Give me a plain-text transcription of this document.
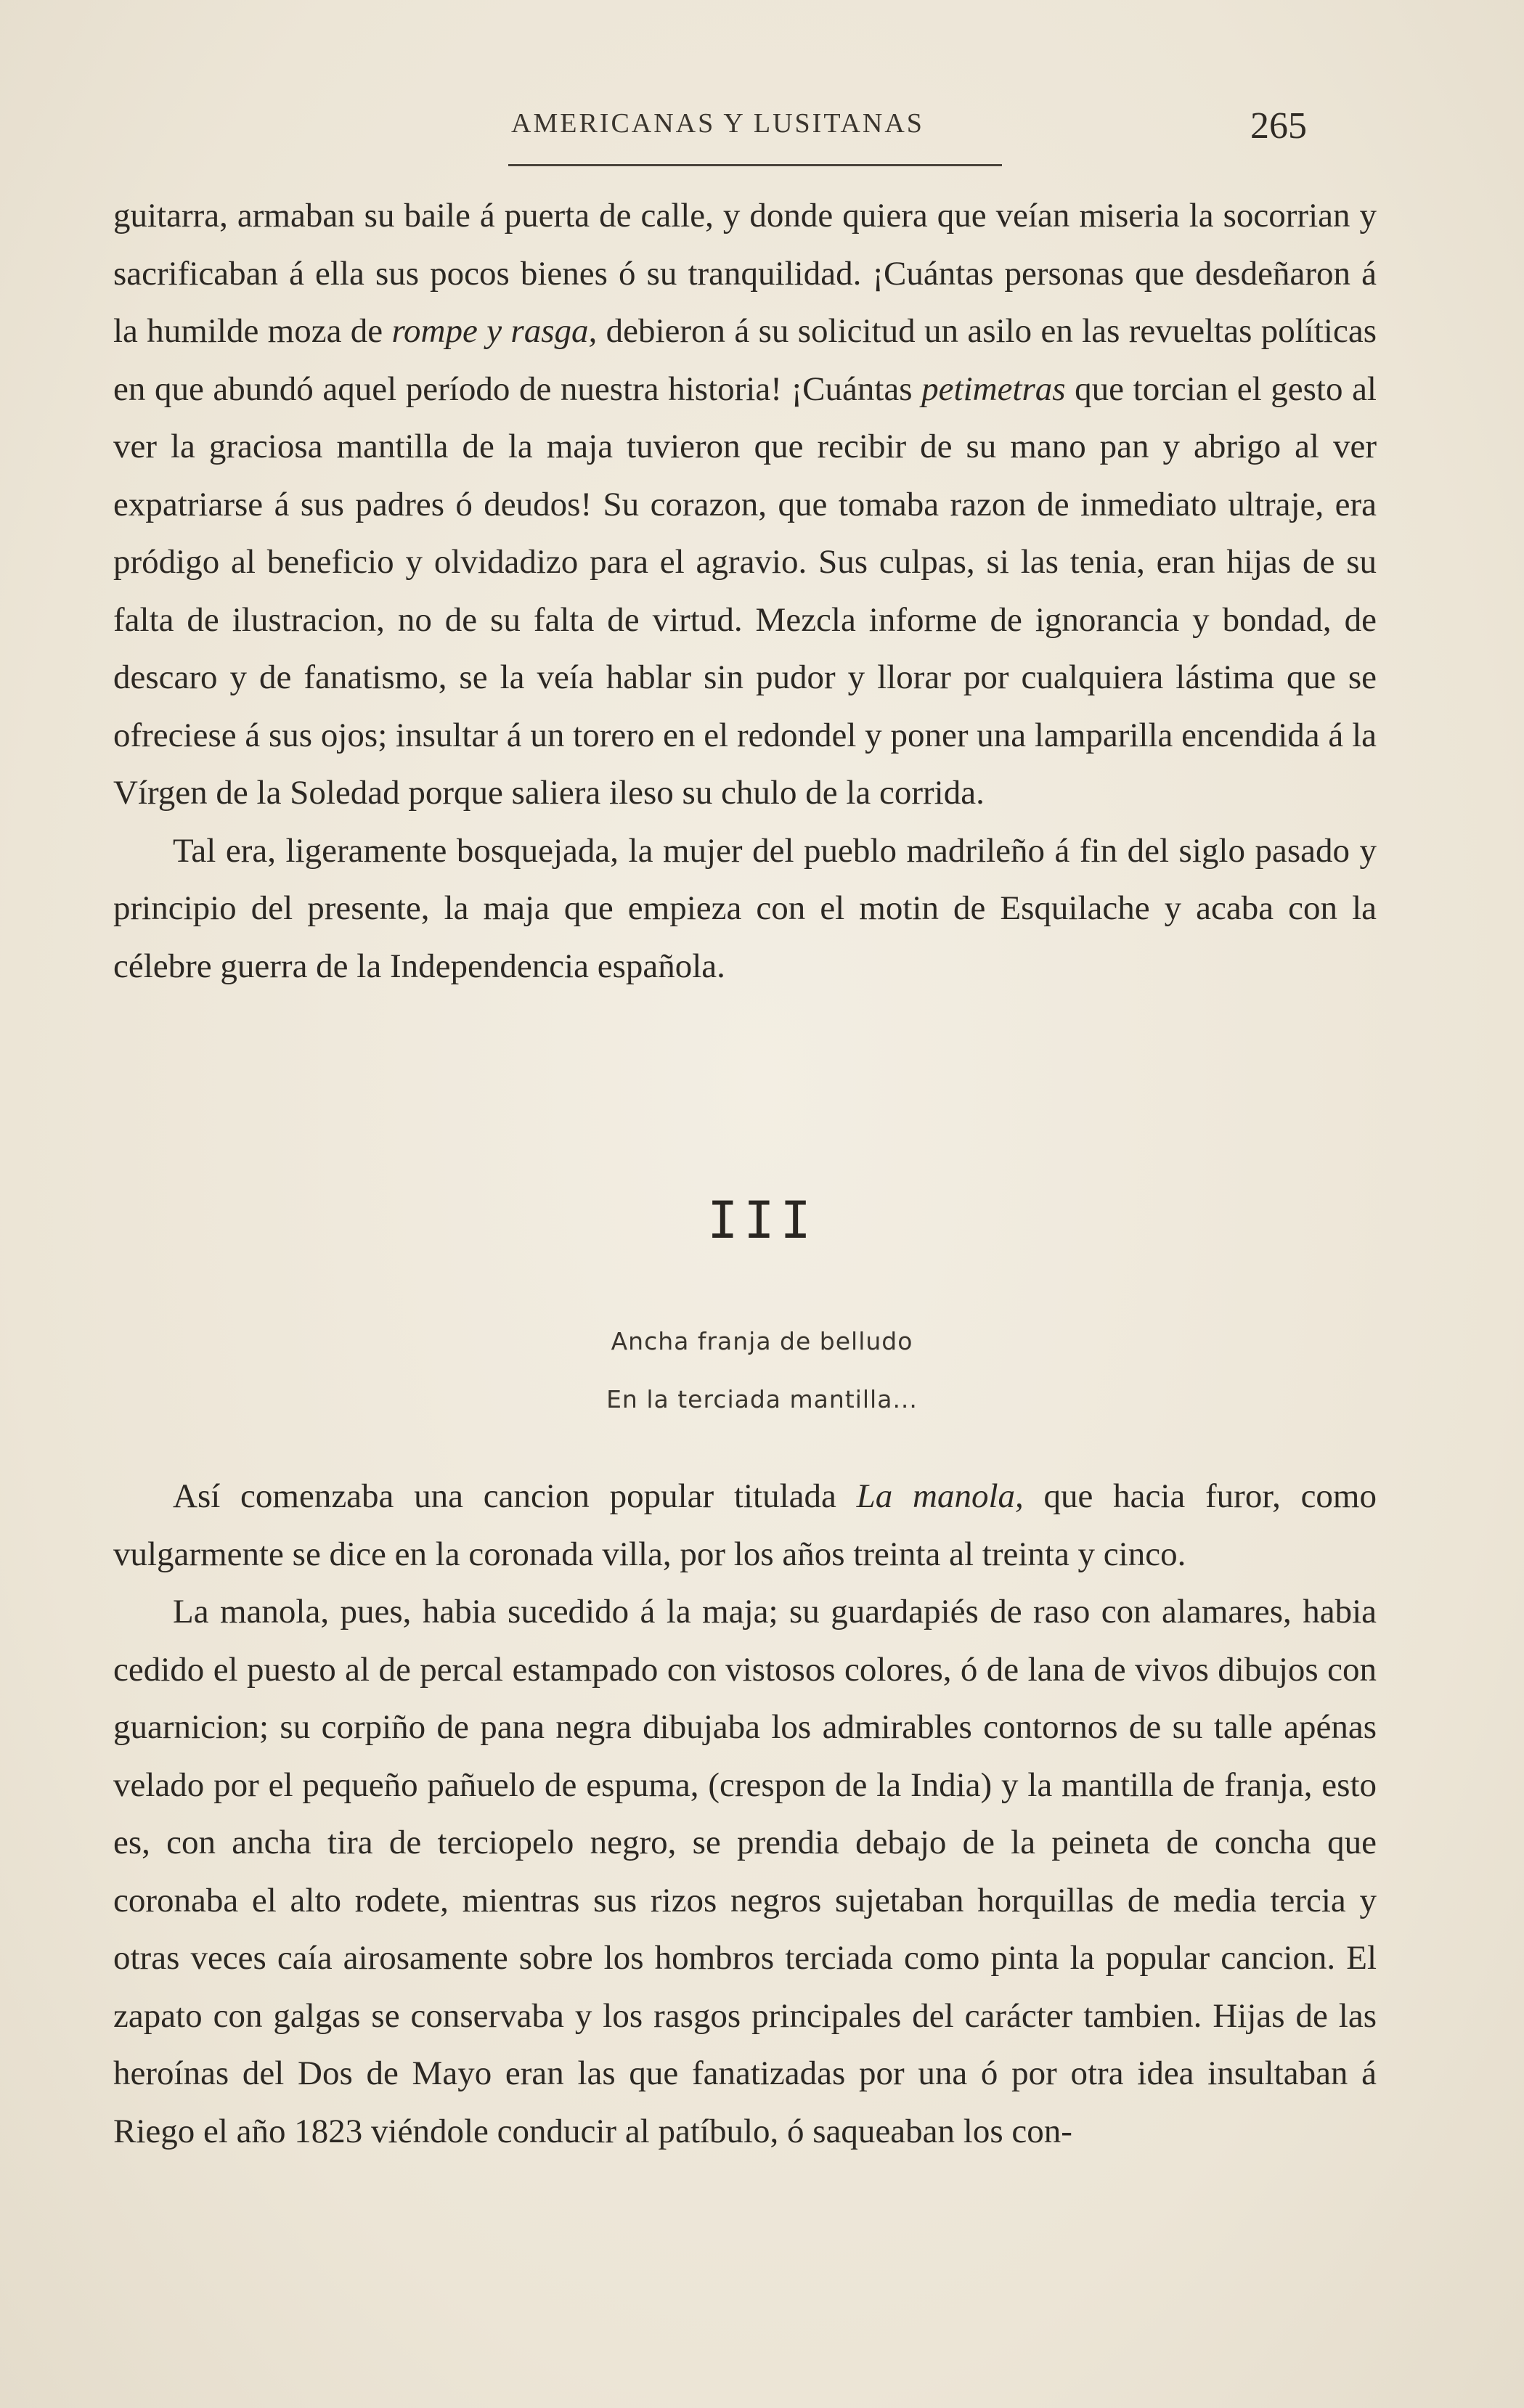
AMERICANAS Y LUSITANAS	265

guitarra, armaban su baile á puerta de calle, y donde quiera que veían miseria la socorrian y sacrificaban á ella sus pocos bienes ó su tranquilidad. ¡Cuántas personas que desdeñaron á la humilde moza de rompe y rasga, debieron á su solicitud un asilo en las revueltas políticas en que abundó aquel período de nuestra historia! ¡Cuántas petimetras que torcian el gesto al ver la graciosa mantilla de la maja tuvieron que recibir de su mano pan y abrigo al ver expatriarse á sus padres ó deudos! Su corazon, que tomaba razon de inmediato ultraje, era pródigo al beneficio y olvidadizo para el agravio. Sus culpas, si las tenia, eran hijas de su falta de ilustracion, no de su falta de virtud. Mezcla informe de ignorancia y bondad, de descaro y de fanatismo, se la veía hablar sin pudor y llorar por cualquiera lástima que se ofreciese á sus ojos; insultar á un torero en el redondel y poner una lamparilla encendida á la Vírgen de la Soledad porque saliera ileso su chulo de la corrida.

Tal era, ligeramente bosquejada, la mujer del pueblo madrileño á fin del siglo pasado y principio del presente, la maja que empieza con el motin de Esquilache y acaba con la célebre guerra de la Independencia española.

III
Ancha franja de belludo
En la terciada mantilla...

Así comenzaba una cancion popular titulada La manola, que hacia furor, como vulgarmente se dice en la coronada villa, por los años treinta al treinta y cinco.

La manola, pues, habia sucedido á la maja; su guardapiés de raso con alamares, habia cedido el puesto al de percal estampado con vistosos colores, ó de lana de vivos dibujos con guarnicion; su corpiño de pana negra dibujaba los admirables contornos de su talle apénas velado por el pequeño pañuelo de espuma, (crespon de la India) y la mantilla de franja, esto es, con ancha tira de terciopelo negro, se prendia debajo de la peineta de concha que coronaba el alto rodete, mientras sus rizos negros sujetaban horquillas de media tercia y otras veces caía airosamente sobre los hombros terciada como pinta la popular cancion. El zapato con galgas se conservaba y los rasgos principales del carácter tambien. Hijas de las heroínas del Dos de Mayo eran las que fanatizadas por una ó por otra idea insultaban á Riego el año 1823 viéndole conducir al patíbulo, ó saqueaban los con-
